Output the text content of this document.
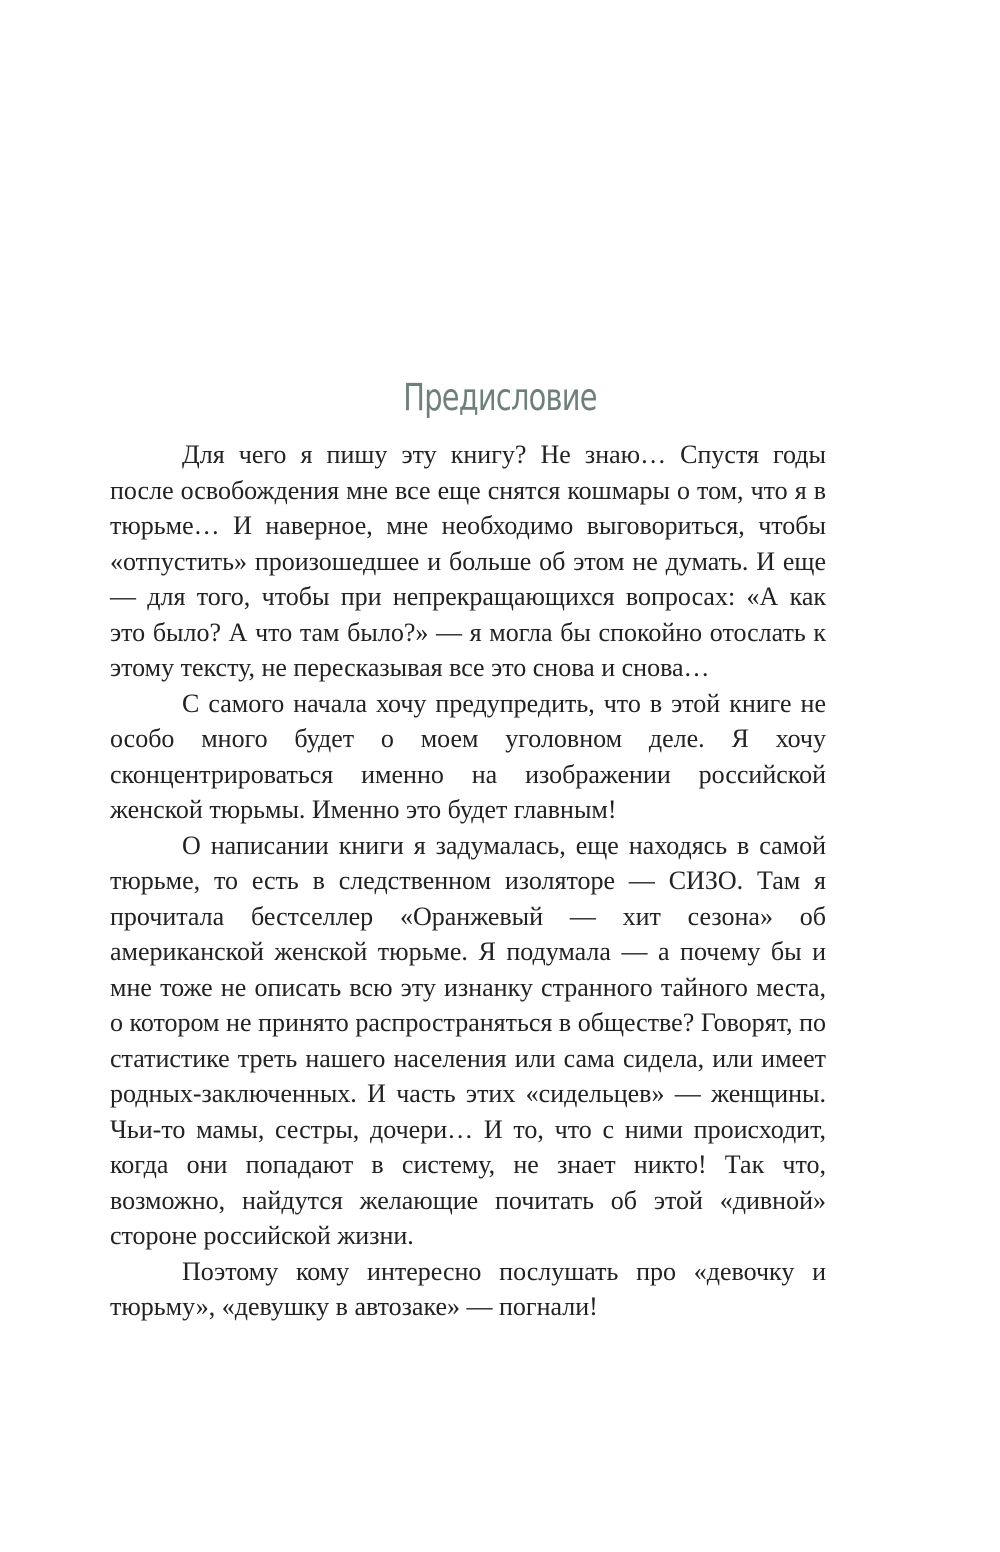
Предисловие

Для чего я пишу эту книгу? Не знаю… Спустя годы после освобождения мне все еще снятся кошмары о том, что я в тюрьме… И наверное, мне необходимо выговориться, чтобы «отпустить» произошедшее и больше об этом не думать. И еще — для того, чтобы при непрекращающихся вопросах: «А как это было? А что там было?» — я могла бы спокойно отослать к этому тексту, не пересказывая все это снова и снова…

С самого начала хочу предупредить, что в этой книге не особо много будет о моем уголовном деле. Я хочу сконцентрироваться именно на изображении российской женской тюрьмы. Именно это будет главным!

О написании книги я задумалась, еще находясь в самой тюрьме, то есть в следственном изоляторе — СИЗО. Там я прочитала бестселлер «Оранжевый — хит сезона» об американской женской тюрьме. Я подумала — а почему бы и мне тоже не описать всю эту изнанку странного тайного места, о котором не принято распространяться в обществе? Говорят, по статистике треть нашего населения или сама сидела, или имеет родных-заключенных. И часть этих «сидельцев» — женщины. Чьи-то мамы, сестры, дочери… И то, что с ними происходит, когда они попадают в систему, не знает никто! Так что, возможно, найдутся желающие почитать об этой «дивной» стороне российской жизни.

Поэтому кому интересно послушать про «девочку и тюрьму», «девушку в автозаке» — погнали!
